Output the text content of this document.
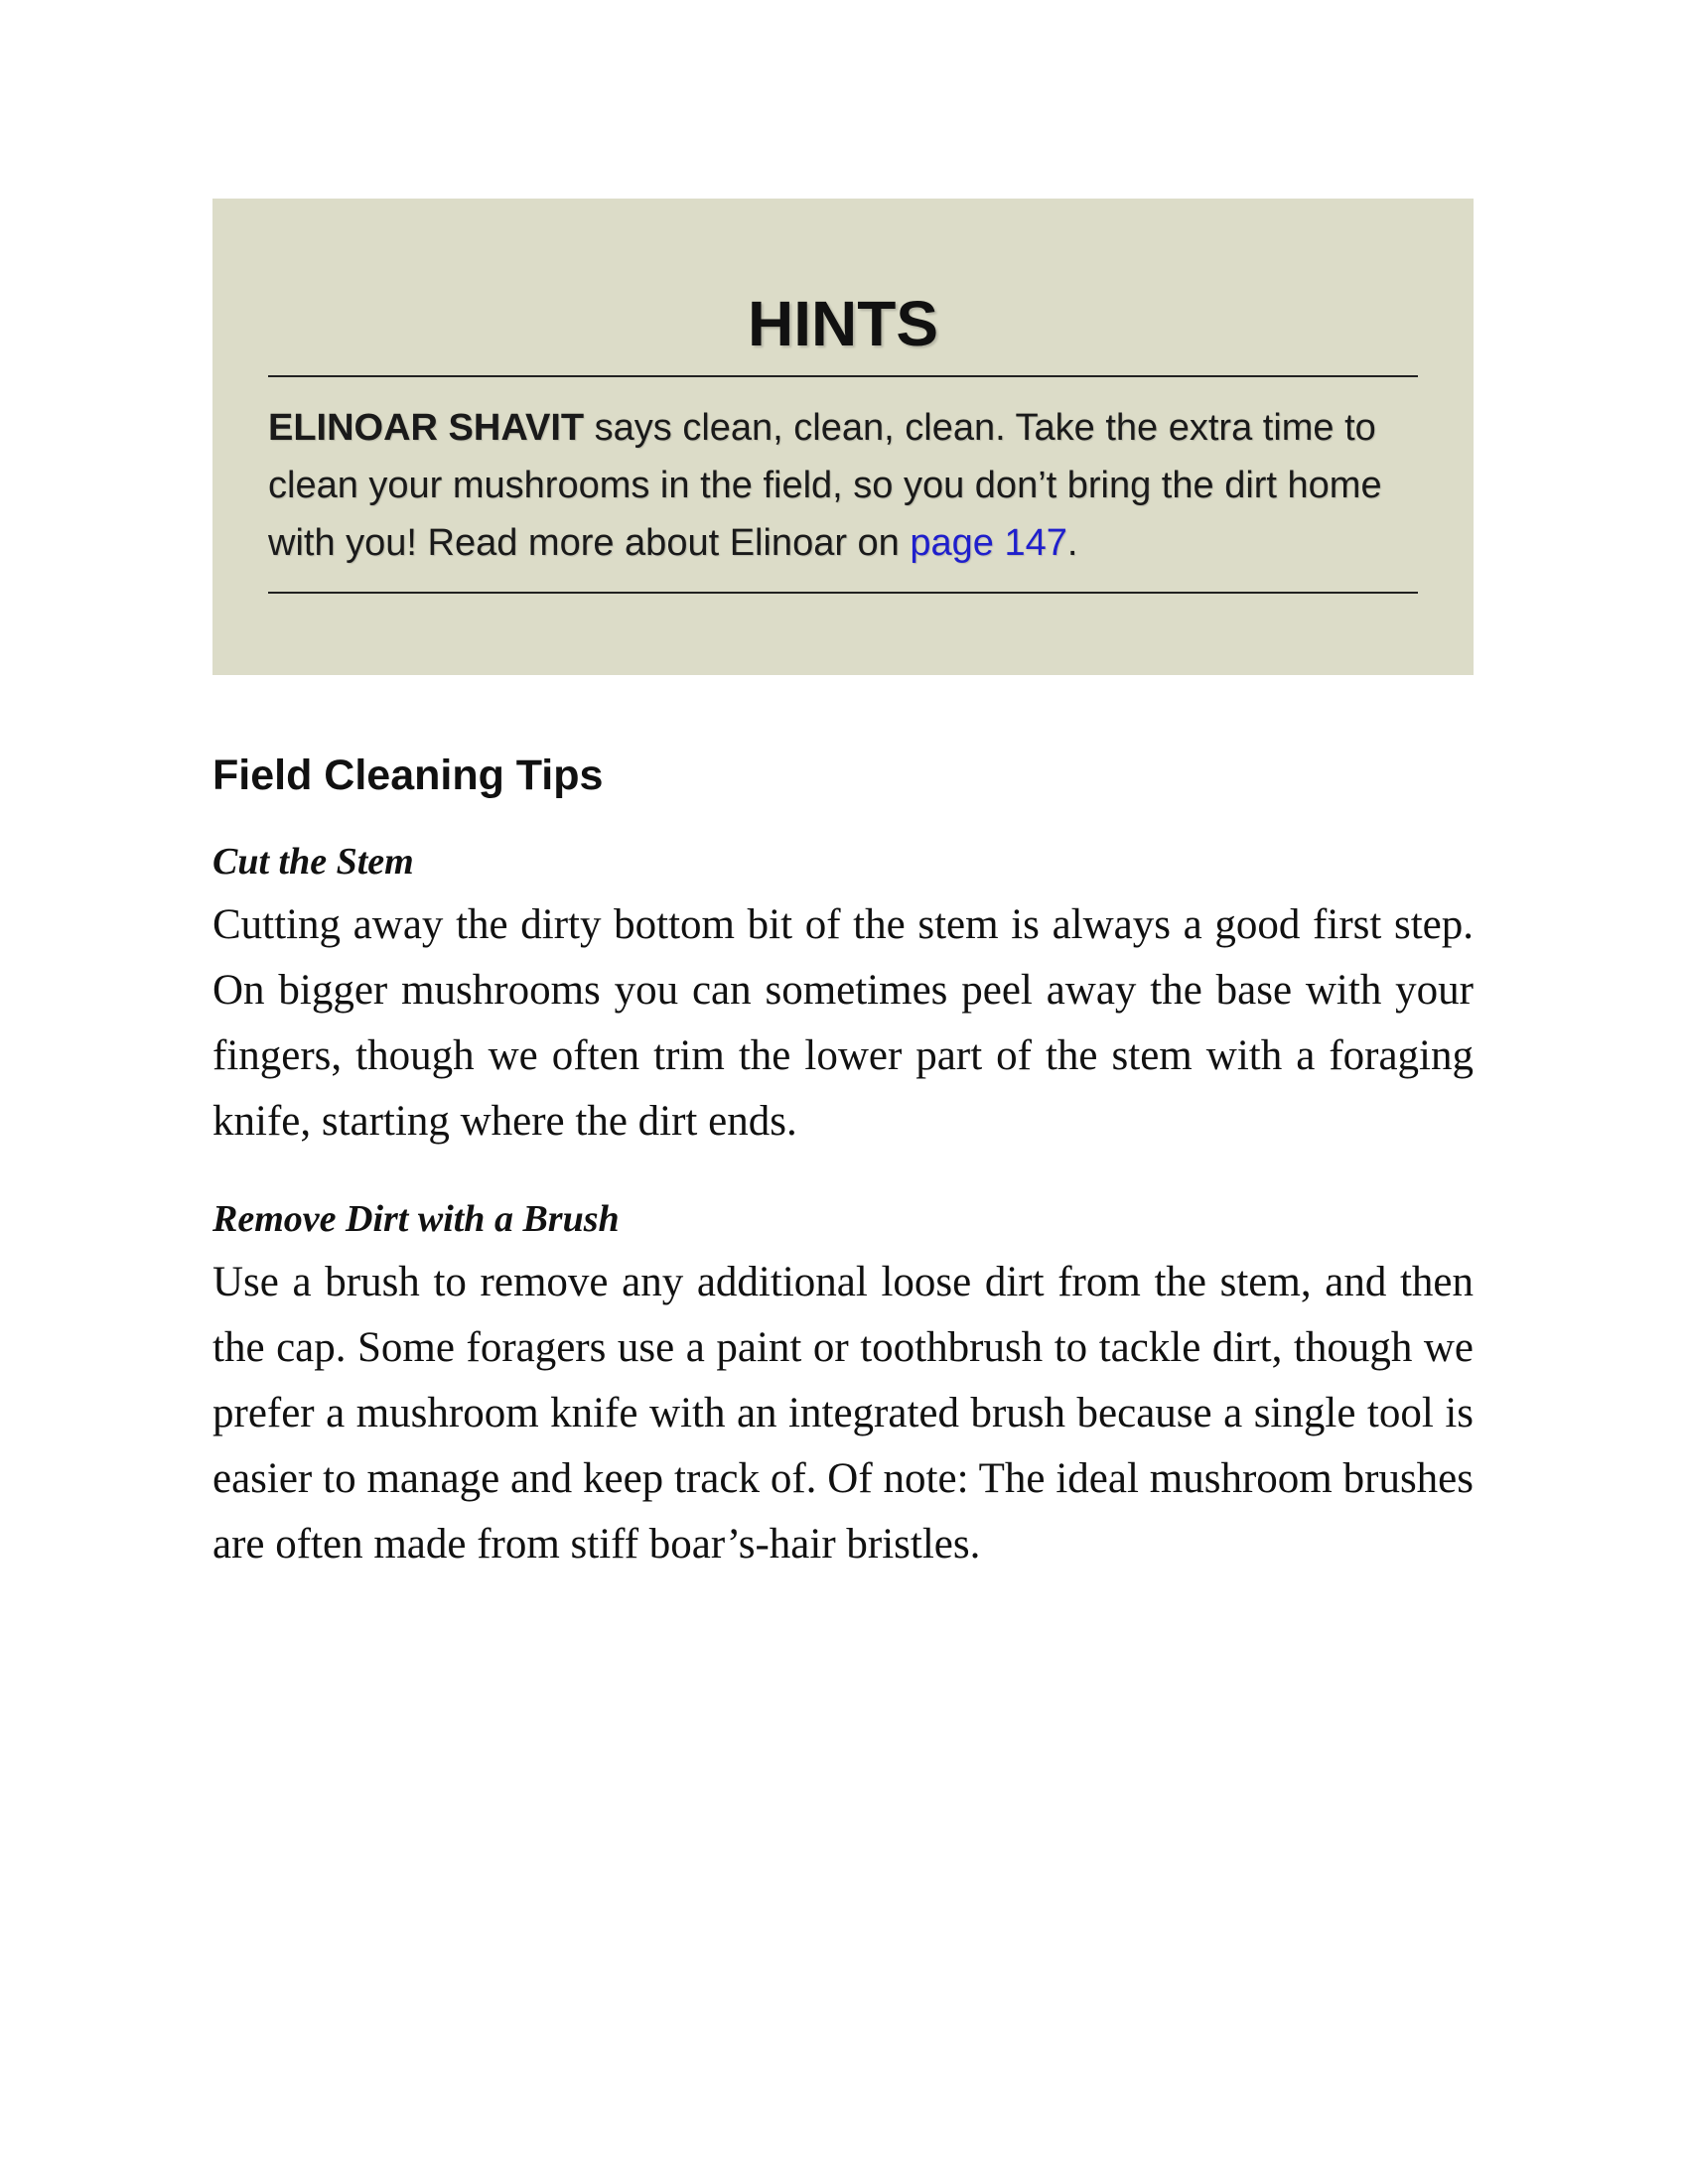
HINTS

ELINOAR SHAVIT says clean, clean, clean. Take the extra time to clean your mushrooms in the field, so you don’t bring the dirt home with you! Read more about Elinoar on page 147.

Field Cleaning Tips
Cut the Stem

Cutting away the dirty bottom bit of the stem is always a good first step. On bigger mushrooms you can sometimes peel away the base with your fingers, though we often trim the lower part of the stem with a foraging knife, starting where the dirt ends.

Remove Dirt with a Brush

Use a brush to remove any additional loose dirt from the stem, and then the cap. Some foragers use a paint or toothbrush to tackle dirt, though we prefer a mushroom knife with an integrated brush because a single tool is easier to manage and keep track of. Of note: The ideal mushroom brushes are often made from stiff boar’s-hair bristles.
